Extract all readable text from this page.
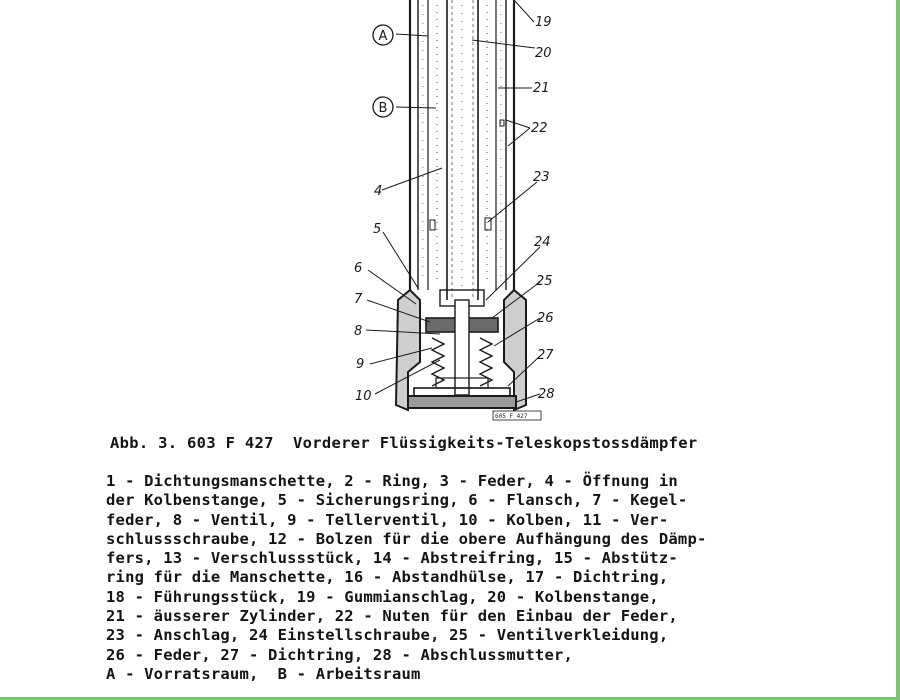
A
B
19
20
21
22
23
24
25
26
27
28
4
5
6
7
8
9
10
605 F 427
Abb. 3. 603 F 427  Vorderer Flüssigkeits-Teleskopstossdämpfer
1 - Dichtungsmanschette, 2 - Ring, 3 - Feder, 4 - Öffnung in
der Kolbenstange, 5 - Sicherungsring, 6 - Flansch, 7 - Kegel-
feder, 8 - Ventil, 9 - Tellerventil, 10 - Kolben, 11 - Ver-
schlussschraube, 12 - Bolzen für die obere Aufhängung des Dämp-
fers, 13 - Verschlussstück, 14 - Abstreifring, 15 - Abstütz-
ring für die Manschette, 16 - Abstandhülse, 17 - Dichtring,
18 - Führungsstück, 19 - Gummianschlag, 20 - Kolbenstange,
21 - äusserer Zylinder, 22 - Nuten für den Einbau der Feder,
23 - Anschlag, 24 Einstellschraube, 25 - Ventilverkleidung,
26 - Feder, 27 - Dichtring, 28 - Abschlussmutter,
A - Vorratsraum,  B - Arbeitsraum
